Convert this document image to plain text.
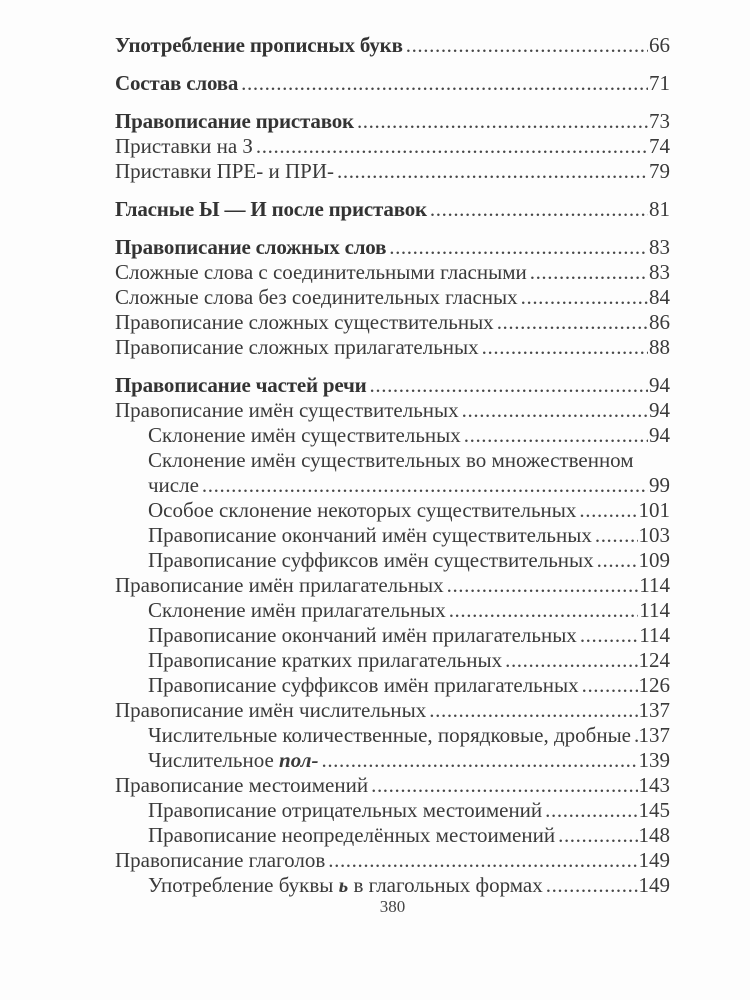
Употребление прописных букв .....	66
Состав слова .....	71
Правописание приставок .....	73
Приставки на З .....	74
Приставки ПРЕ- и ПРИ- .....	79
Гласные Ы — И после приставок .....	81
Правописание сложных слов .....	83
Сложные слова с соединительными гласными .....	83
Сложные слова без соединительных гласных .....	84
Правописание сложных существительных .....	86
Правописание сложных прилагательных .....	88
Правописание частей речи .....	94
Правописание имён существительных .....	94
Склонение имён существительных .....	94
Склонение имён существительных во множественном
числе .....	99
Особое склонение некоторых существительных .....	101
Правописание окончаний имён существительных ..... 103
Правописание суффиксов имён существительных ..... 109
Правописание имён прилагательных .....	114
Склонение имён прилагательных .....	114
Правописание окончаний имён прилагательных .....	114
Правописание кратких прилагательных .....	124
Правописание суффиксов имён прилагательных .....	126
Правописание имён числительных .....	137
Числительные количественные, порядковые, дробные ..... 137
Числительное пол- .....	139
Правописание местоимений .....	143
Правописание отрицательных местоимений .....	145
Правописание неопределённых местоимений .....	148
Правописание глаголов .....	149
Употребление буквы ь в глагольных формах .....	149
380
